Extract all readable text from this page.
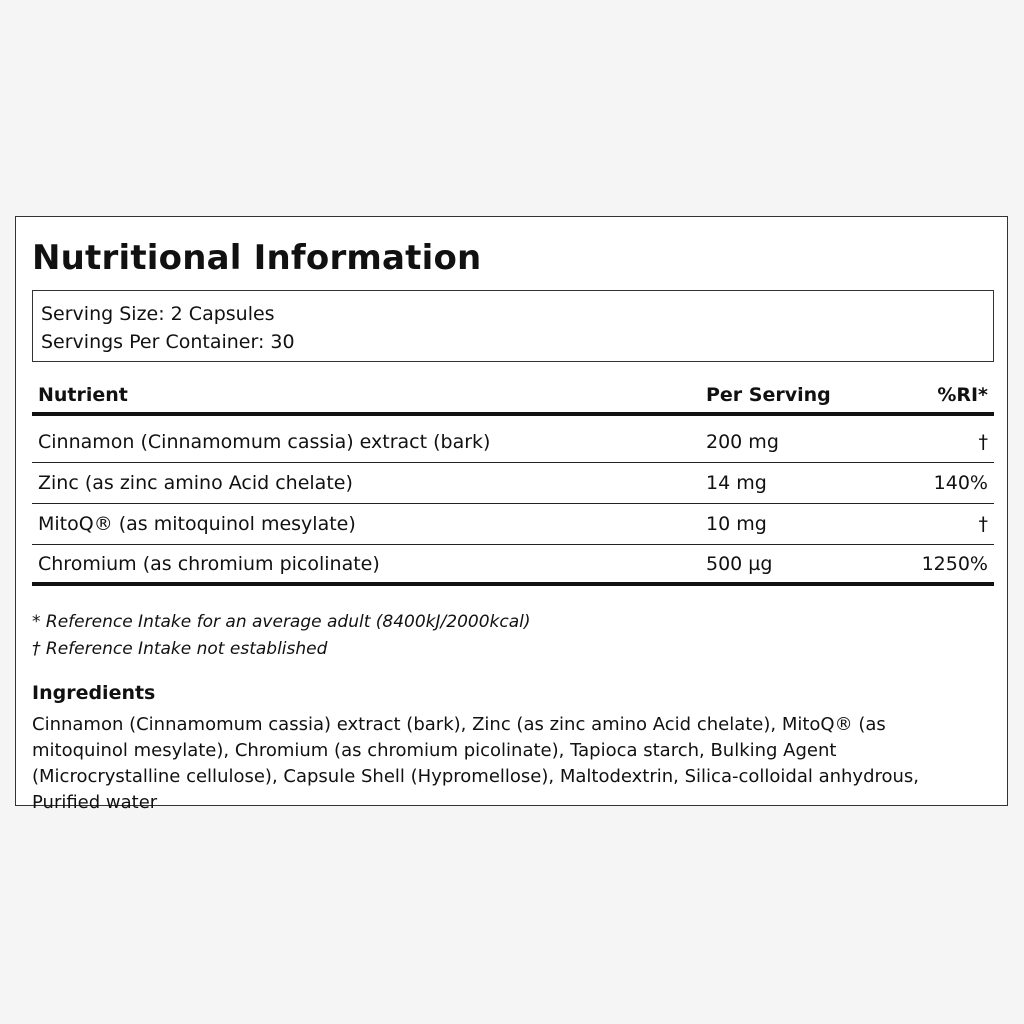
Nutritional Information
Serving Size: 2 Capsules
Servings Per Container: 30
Nutrient	Per Serving	%RI*
Cinnamon (Cinnamomum cassia) extract (bark)	200 mg	†
Zinc (as zinc amino Acid chelate)	14 mg	140%
MitoQ® (as mitoquinol mesylate)	10 mg	†
Chromium (as chromium picolinate)	500 µg	1250%
* Reference Intake for an average adult (8400kJ/2000kcal)
† Reference Intake not established
Ingredients
Cinnamon (Cinnamomum cassia) extract (bark), Zinc (as zinc amino Acid chelate), MitoQ® (as mitoquinol mesylate), Chromium (as chromium picolinate), Tapioca starch, Bulking Agent (Microcrystalline cellulose), Capsule Shell (Hypromellose), Maltodextrin, Silica-colloidal anhydrous, Purified water
